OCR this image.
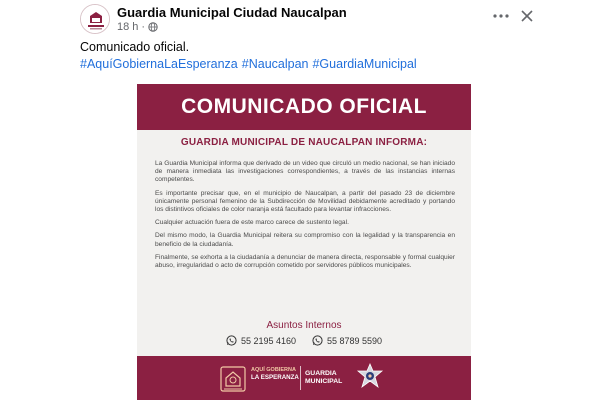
Guardia Municipal Ciudad Naucalpan
18 h ·
Comunicado oficial.
#AquíGobiernaLaEsperanza #Naucalpan #GuardiaMunicipal
COMUNICADO OFICIAL
GUARDIA MUNICIPAL DE NAUCALPAN INFORMA:

La Guardia Municipal informa que derivado de un video que circuló un medio nacional, se han iniciado de manera inmediata las investigaciones correspondientes, a través de las instancias internas competentes.

Es importante precisar que, en el municipio de Naucalpan, a partir del pasado 23 de diciembre únicamente personal femenino de la Subdirección de Movilidad debidamente acreditado y portando los distintivos oficiales de color naranja está facultado para levantar infracciones.

Cualquier actuación fuera de este marco carece de sustento legal.

Del mismo modo, la Guardia Municipal reitera su compromiso con la legalidad y la transparencia en beneficio de la ciudadanía.

Finalmente, se exhorta a la ciudadanía a denunciar de manera directa, responsable y formal cualquier abuso, irregularidad o acto de corrupción cometido por servidores públicos municipales.

Asuntos Internos
55 2195 4160	55 8789 5590
AQUÍ GOBIERNA
LA ESPERANZA
GUARDIA
MUNICIPAL
